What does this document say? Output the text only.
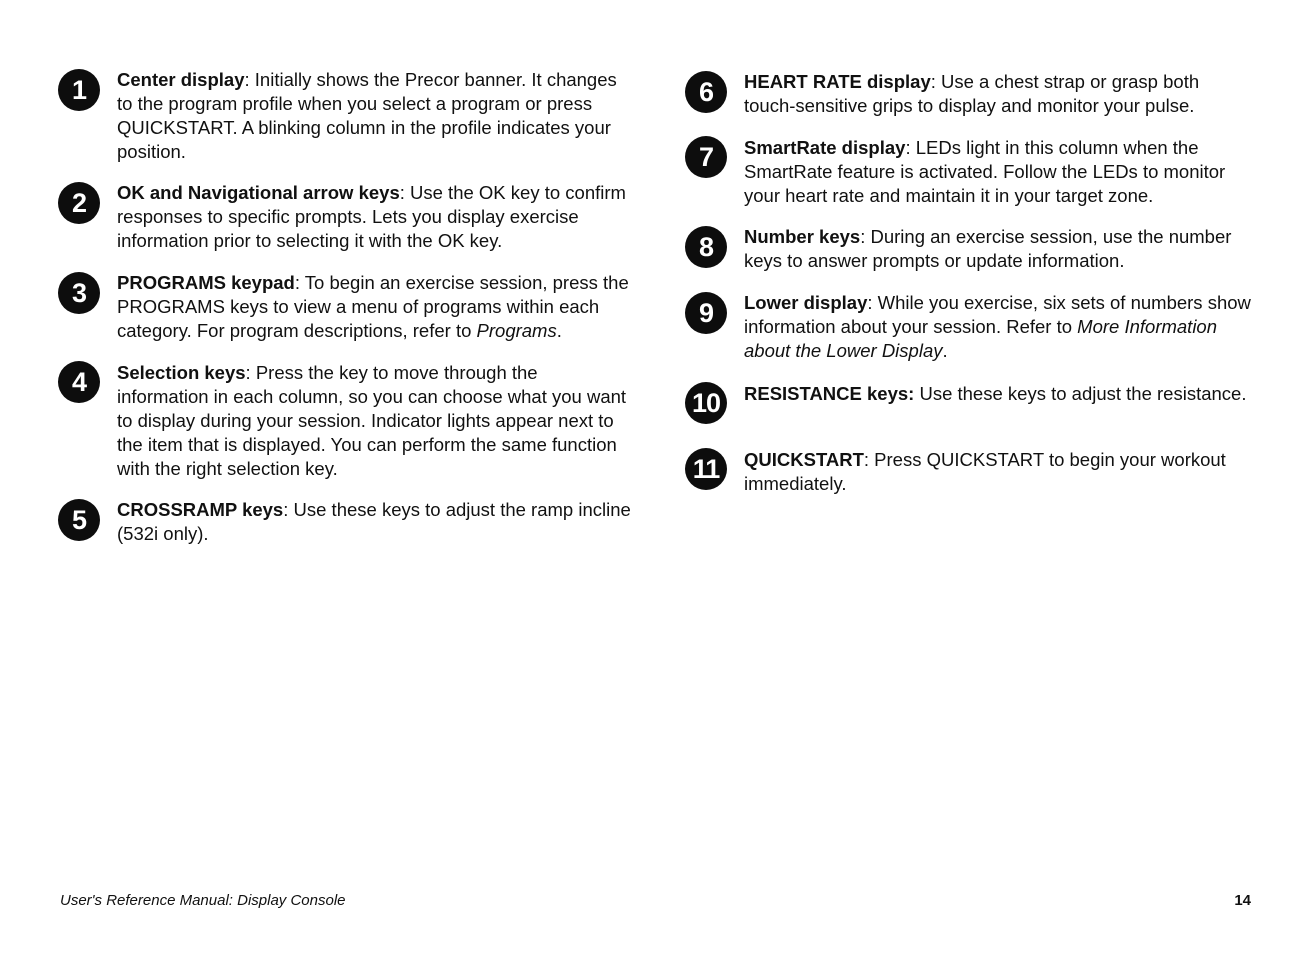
1	Center display: Initially shows the Precor banner. It changes to the program profile when you select a program or press QUICKSTART. A blinking column in the profile indicates your position.
2	OK and Navigational arrow keys: Use the OK key to confirm responses to specific prompts. Lets you display exercise information prior to selecting it with the OK key.
3	PROGRAMS keypad: To begin an exercise session, press the PROGRAMS keys to view a menu of programs within each category. For program descriptions, refer to Programs.
4	Selection keys: Press the key to move through the information in each column, so you can choose what you want to display during your session. Indicator lights appear next to the item that is displayed. You can perform the same function with the right selection key.
5	CROSSRAMP keys: Use these keys to adjust the ramp incline (532i only).
6	HEART RATE display: Use a chest strap or grasp both touch-sensitive grips to display and monitor your pulse.
7	SmartRate display: LEDs light in this column when the SmartRate feature is activated. Follow the LEDs to monitor your heart rate and maintain it in your target zone.
8	Number keys: During an exercise session, use the number keys to answer prompts or update information.
9	Lower display: While you exercise, six sets of numbers show information about your session. Refer to More Information about the Lower Display.
10	RESISTANCE keys: Use these keys to adjust the resistance.
11	QUICKSTART: Press QUICKSTART to begin your workout immediately.
User's Reference Manual: Display Console	14
